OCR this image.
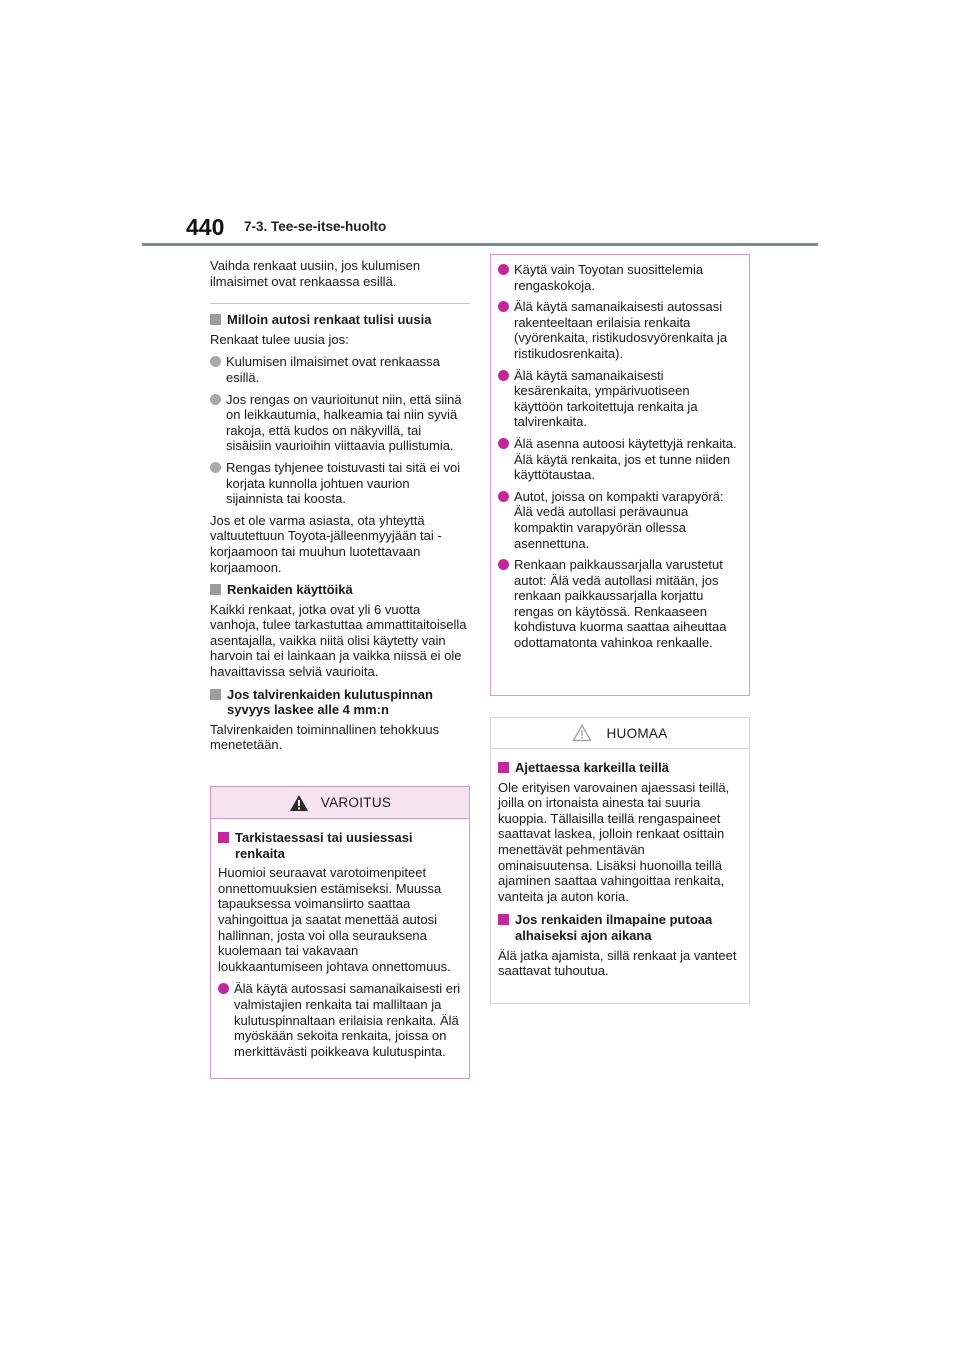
440 7-3. Tee-se-itse-huolto

Vaihda renkaat uusiin, jos kulumisen ilmaisimet ovat renkaassa esillä.

Milloin autosi renkaat tulisi uusia

Renkaat tulee uusia jos:

Kulumisen ilmaisimet ovat renkaassa esillä.
Jos rengas on vaurioitunut niin, että siinä on leikkautumia, halkeamia tai niin syviä rakoja, että kudos on näkyvillä, tai sisäisiin vaurioihin viittaavia pullistumia.
Rengas tyhjenee toistuvasti tai sitä ei voi korjata kunnolla johtuen vaurion sijainnista tai koosta.

Jos et ole varma asiasta, ota yhteyttä valtuutettuun Toyota-jälleenmyyjään tai -korjaamoon tai muuhun luotettavaan korjaamoon.

Renkaiden käyttöikä

Kaikki renkaat, jotka ovat yli 6 vuotta vanhoja, tulee tarkastuttaa ammattitaitoisella asentajalla, vaikka niitä olisi käytetty vain harvoin tai ei lainkaan ja vaikka niissä ei ole havaittavissa selviä vaurioita.

Jos talvirenkaiden kulutuspinnan syvyys laskee alle 4 mm:n

Talvirenkaiden toiminnallinen tehokkuus menetetään.

VAROITUS
Tarkistaessasi tai uusiessasi renkaita

Huomioi seuraavat varotoimenpiteet onnettomuuksien estämiseksi. Muussa tapauksessa voimansiirto saattaa vahingoittua ja saatat menettää autosi hallinnan, josta voi olla seurauksena kuolemaan tai vakavaan loukkaantumiseen johtava onnettomuus.

Älä käytä autossasi samanaikaisesti eri valmistajien renkaita tai malliltaan ja kulutuspinnaltaan erilaisia renkaita. Älä myöskään sekoita renkaita, joissa on merkittävästi poikkeava kulutuspinta.
Käytä vain Toyotan suosittelemia rengaskokoja.
Älä käytä samanaikaisesti autossasi rakenteeltaan erilaisia renkaita (vyörenkaita, ristikudosvyörenkaita ja ristikudosrenkaita).
Älä käytä samanaikaisesti kesärenkaita, ympärivuotiseen käyttöön tarkoitettuja renkaita ja talvirenkaita.
Älä asenna autoosi käytettyjä renkaita. Älä käytä renkaita, jos et tunne niiden käyttötaustaa.
Autot, joissa on kompakti varapyörä: Älä vedä autollasi perävaunua kompaktin varapyörän ollessa asennettuna.
Renkaan paikkaussarjalla varustetut autot: Älä vedä autollasi mitään, jos renkaan paikkaussarjalla korjattu rengas on käytössä. Renkaaseen kohdistuva kuorma saattaa aiheuttaa odottamatonta vahinkoa renkaalle.
HUOMAA
Ajettaessa karkeilla teillä

Ole erityisen varovainen ajaessasi teillä, joilla on irtonaista ainesta tai suuria kuoppia. Tällaisilla teillä rengaspaineet saattavat laskea, jolloin renkaat osittain menettävät pehmentävän ominaisuutensa. Lisäksi huonoilla teillä ajaminen saattaa vahingoittaa renkaita, vanteita ja auton koria.

Jos renkaiden ilmapaine putoaa alhaiseksi ajon aikana

Älä jatka ajamista, sillä renkaat ja vanteet saattavat tuhoutua.
